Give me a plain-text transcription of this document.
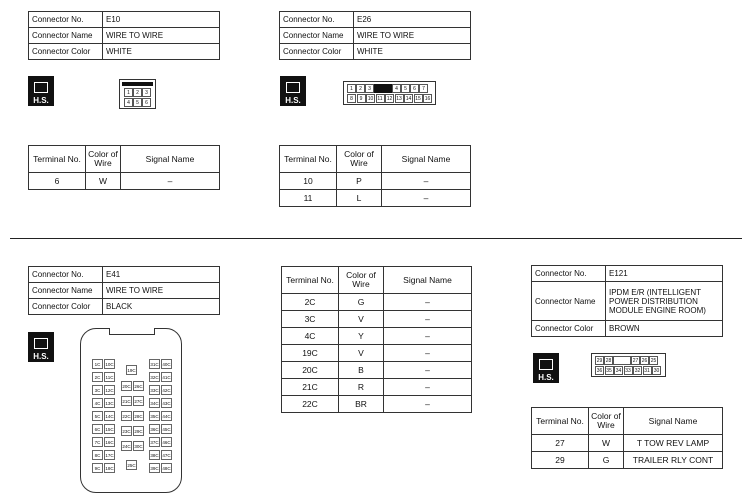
Connector No.	E10
Connector Name	WIRE TO WIRE
Connector Color	WHITE
H.S.
1	2	3
4	5	6
Terminal No.	Color of Wire	Signal Name
6	W	–
Connector No.	E26
Connector Name	WIRE TO WIRE
Connector Color	WHITE
H.S.
1	2	3	4	5	6	7
8	9	10 11 12 13 14 15 16
Terminal No.	Color of Wire	Signal Name
10	P	–
11	L	–
Connector No.	E41
Connector Name	WIRE TO WIRE
Connector Color	BLACK
H.S.
1C
2C
3C
4C
5C
6C
7C
8C
9C
10C
11C
12C
13C
14C
15C
16C
17C
18C
31C
32C
33C
34C
35C
36C
37C
38C
39C
40C
41C
42C
43C
44C
45C
46C
47C
48C
19C
20C
21C
22C
23C
24C
26C
27C
28C
29C
30C
25C
Terminal No.	Color of Wire	Signal Name
2C	G	–
3C	V	–
4C	Y	–
19C	V	–
20C	B	–
21C	R	–
22C	BR	–
Connector No.	E121
Connector Name	IPDM E/R (INTELLIGENT POWER DISTRIBUTION MODULE ENGINE ROOM)
Connector Color	BROWN
H.S.
29 28	27 26 25
36 35 34 33 32 31 30
Terminal No.	Color of Wire	Signal Name
27	W	T TOW REV LAMP
29	G	TRAILER RLY CONT
